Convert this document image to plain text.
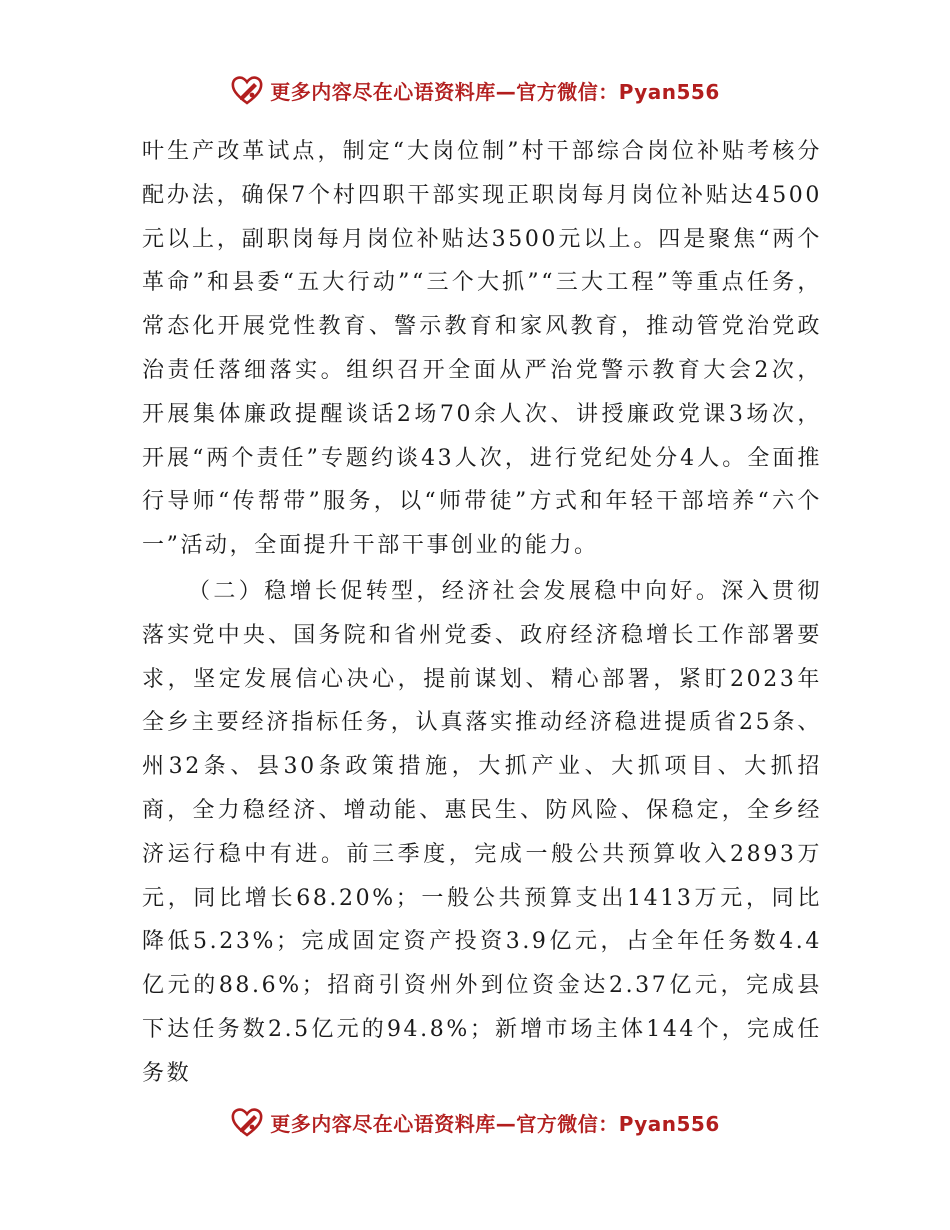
更多内容尽在心语资料库—官方微信：Pyan556

叶生产改革试点，制定“大岗位制”村干部综合岗位补贴考核分配办法，确保7个村四职干部实现正职岗每月岗位补贴达4500元以上，副职岗每月岗位补贴达3500元以上。四是聚焦“两个革命”和县委“五大行动”“三个大抓”“三大工程”等重点任务，常态化开展党性教育、警示教育和家风教育，推动管党治党政治责任落细落实。组织召开全面从严治党警示教育大会2次，开展集体廉政提醒谈话2场70余人次、讲授廉政党课3场次，开展“两个责任”专题约谈43人次，进行党纪处分4人。全面推行导师“传帮带”服务，以“师带徒”方式和年轻干部培养“六个一”活动，全面提升干部干事创业的能力。

（二）稳增长促转型，经济社会发展稳中向好。深入贯彻落实党中央、国务院和省州党委、政府经济稳增长工作部署要求，坚定发展信心决心，提前谋划、精心部署，紧盯2023年全乡主要经济指标任务，认真落实推动经济稳进提质省25条、州32条、县30条政策措施，大抓产业、大抓项目、大抓招商，全力稳经济、增动能、惠民生、防风险、保稳定，全乡经济运行稳中有进。前三季度，完成一般公共预算收入2893万元，同比增长68.20%；一般公共预算支出1413万元，同比降低5.23%；完成固定资产投资3.9亿元，占全年任务数4.4亿元的88.6%；招商引资州外到位资金达2.37亿元，完成县下达任务数2.5亿元的94.8%；新增市场主体144个，完成任务数

更多内容尽在心语资料库—官方微信：Pyan556
